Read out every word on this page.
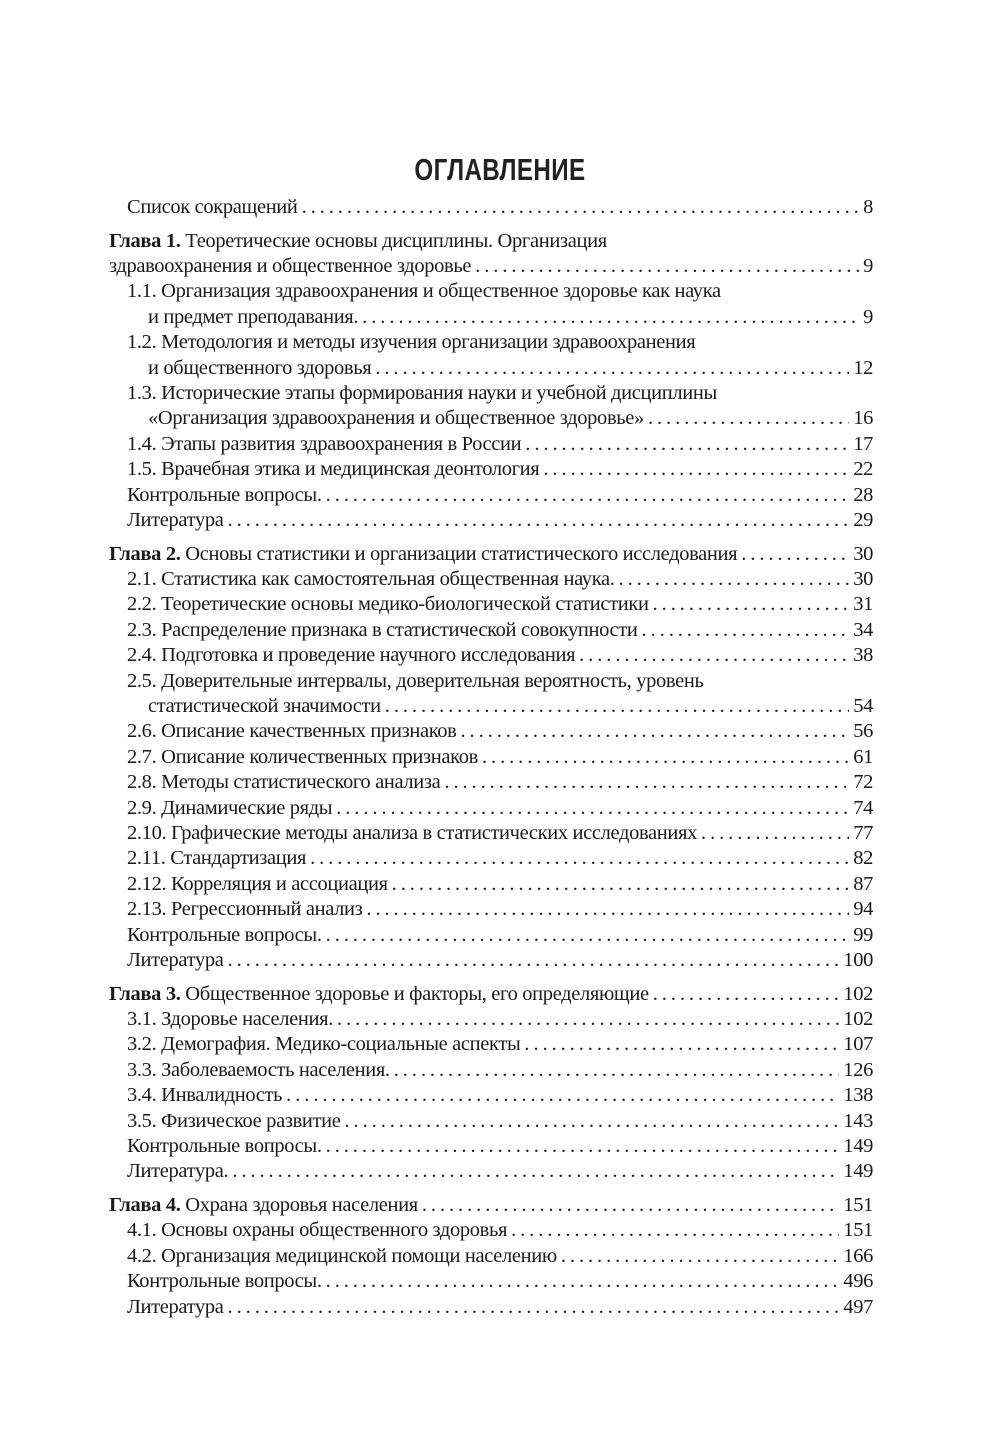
ОГЛАВЛЕНИЕ
Список сокращений . . .	8
Глава 1. Теоретические основы дисциплины. Организация
здравоохранения и общественное здоровье . . .	9
1.1. Организация здравоохранения и общественное здоровье как наука
и предмет преподавания. . . .	9
1.2. Методология и методы изучения организации здравоохранения
и общественного здоровья . . .	12
1.3. Исторические этапы формирования науки и учебной дисциплины
«Организация здравоохранения и общественное здоровье» . . .	16
1.4. Этапы развития здравоохранения в России . . .	17
1.5. Врачебная этика и медицинская деонтология . . .	22
Контрольные вопросы. . . .	28
Литература . . .	29
Глава 2. Основы статистики и организации статистического исследования . . .	30
2.1. Статистика как самостоятельная общественная наука. . . .	30
2.2. Теоретические основы медико-биологической статистики . . .	31
2.3. Распределение признака в статистической совокупности . . .	34
2.4. Подготовка и проведение научного исследования . . .	38
2.5. Доверительные интервалы, доверительная вероятность, уровень
статистической значимости . . .	54
2.6. Описание качественных признаков . . .	56
2.7. Описание количественных признаков . . .	61
2.8. Методы статистического анализа . . .	72
2.9. Динамические ряды . . .	74
2.10. Графические методы анализа в статистических исследованиях . . .	77
2.11. Стандартизация . . .	82
2.12. Корреляция и ассоциация . . .	87
2.13. Регрессионный анализ . . .	94
Контрольные вопросы. . . .	99
Литература . . .	100
Глава 3. Общественное здоровье и факторы, его определяющие . . .	102
3.1. Здоровье населения. . . .	102
3.2. Демография. Медико-социальные аспекты . . .	107
3.3. Заболеваемость населения. . . .	126
3.4. Инвалидность . . .	138
3.5. Физическое развитие . . .	143
Контрольные вопросы. . . .	149
Литература. . . .	149
Глава 4. Охрана здоровья населения . . .	151
4.1. Основы охраны общественного здоровья . . .	151
4.2. Организация медицинской помощи населению . . .	166
Контрольные вопросы. . . .	496
Литература . . .	497
